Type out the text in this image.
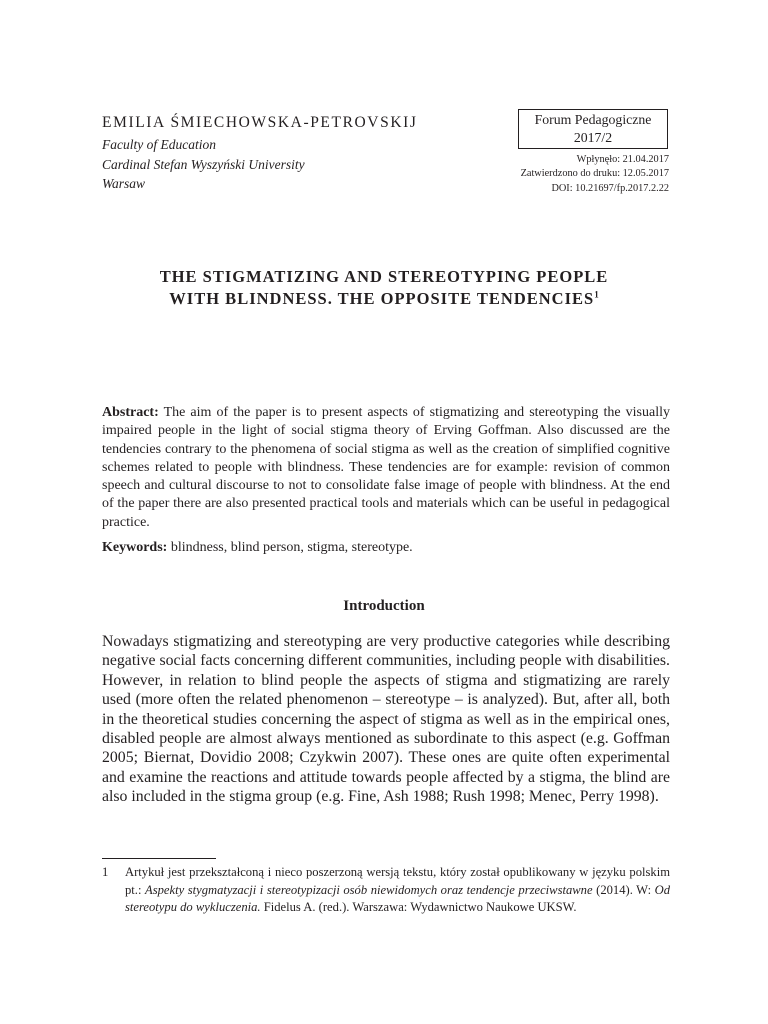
EMILIA ŚMIECHOWSKA-PETROVSKIJ

Faculty of Education

Cardinal Stefan Wyszyński University

Warsaw

Forum Pedagogiczne
2017/2
Wpłynęło: 21.04.2017
Zatwierdzono do druku: 12.05.2017
DOI: 10.21697/fp.2017.2.22
THE STIGMATIZING AND STEREOTYPING PEOPLE
WITH BLINDNESS. THE OPPOSITE TENDENCIES$^1$

Abstract: The aim of the paper is to present aspects of stigmatizing and stereotyping the visually impaired people in the light of social stigma theory of Erving Goffman. Also discussed are the tendencies contrary to the phenomena of social stigma as well as the creation of simplified cognitive schemes related to people with blindness. These tendencies are for example: revision of common speech and cultural discourse to not to consolidate false image of people with blindness. At the end of the paper there are also presented practical tools and materials which can be useful in pedagogical practice.

Keywords: blindness, blind person, stigma, stereotype.

Introduction

Nowadays stigmatizing and stereotyping are very productive categories while describing negative social facts concerning different communities, including people with disabilities. However, in relation to blind people the aspects of stigma and stigmatizing are rarely used (more often the related phenomenon – stereotype – is analyzed). But, after all, both in the theoretical studies concerning the aspect of stigma as well as in the empirical ones, disabled people are almost always mentioned as subordinate to this aspect (e.g. Goffman 2005; Biernat, Dovidio 2008; Czykwin 2007). These ones are quite often experimental and examine the reactions and attitude towards people affected by a stigma, the blind are also included in the stigma group (e.g. Fine, Ash 1988; Rush 1998; Menec, Perry 1998).

1 Artykuł jest przekształconą i nieco poszerzoną wersją tekstu, który został opublikowany w języku polskim pt.: Aspekty stygmatyzacji i stereotypizacji osób niewidomych oraz tendencje przeciwstawne (2014). W: Od stereotypu do wykluczenia. Fidelus A. (red.). Warszawa: Wydawnictwo Naukowe UKSW.
